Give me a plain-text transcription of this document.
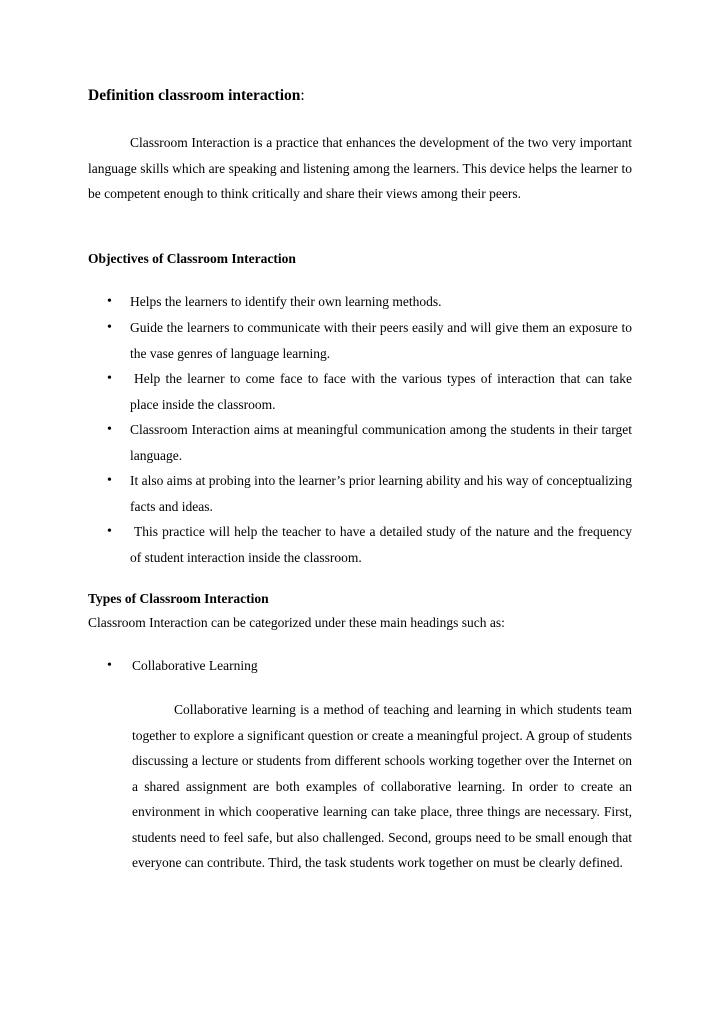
Definition classroom interaction:
Classroom Interaction is a practice that enhances the development of the two very important language skills which are speaking and listening among the learners. This device helps the learner to be competent enough to think critically and share their views among their peers.
Objectives of Classroom Interaction
• Helps the learners to identify their own learning methods.
• Guide the learners to communicate with their peers easily and will give them an exposure to the vase genres of language learning.
• Help the learner to come face to face with the various types of interaction that can take place inside the classroom.
• Classroom Interaction aims at meaningful communication among the students in their target language.
• It also aims at probing into the learner’s prior learning ability and his way of conceptualizing facts and ideas.
• This practice will help the teacher to have a detailed study of the nature and the frequency of student interaction inside the classroom.
Types of Classroom Interaction
Classroom Interaction can be categorized under these main headings such as:
• Collaborative Learning
Collaborative learning is a method of teaching and learning in which students team together to explore a significant question or create a meaningful project. A group of students discussing a lecture or students from different schools working together over the Internet on a shared assignment are both examples of collaborative learning. In order to create an environment in which cooperative learning can take place, three things are necessary. First, students need to feel safe, but also challenged. Second, groups need to be small enough that everyone can contribute. Third, the task students work together on must be clearly defined.
